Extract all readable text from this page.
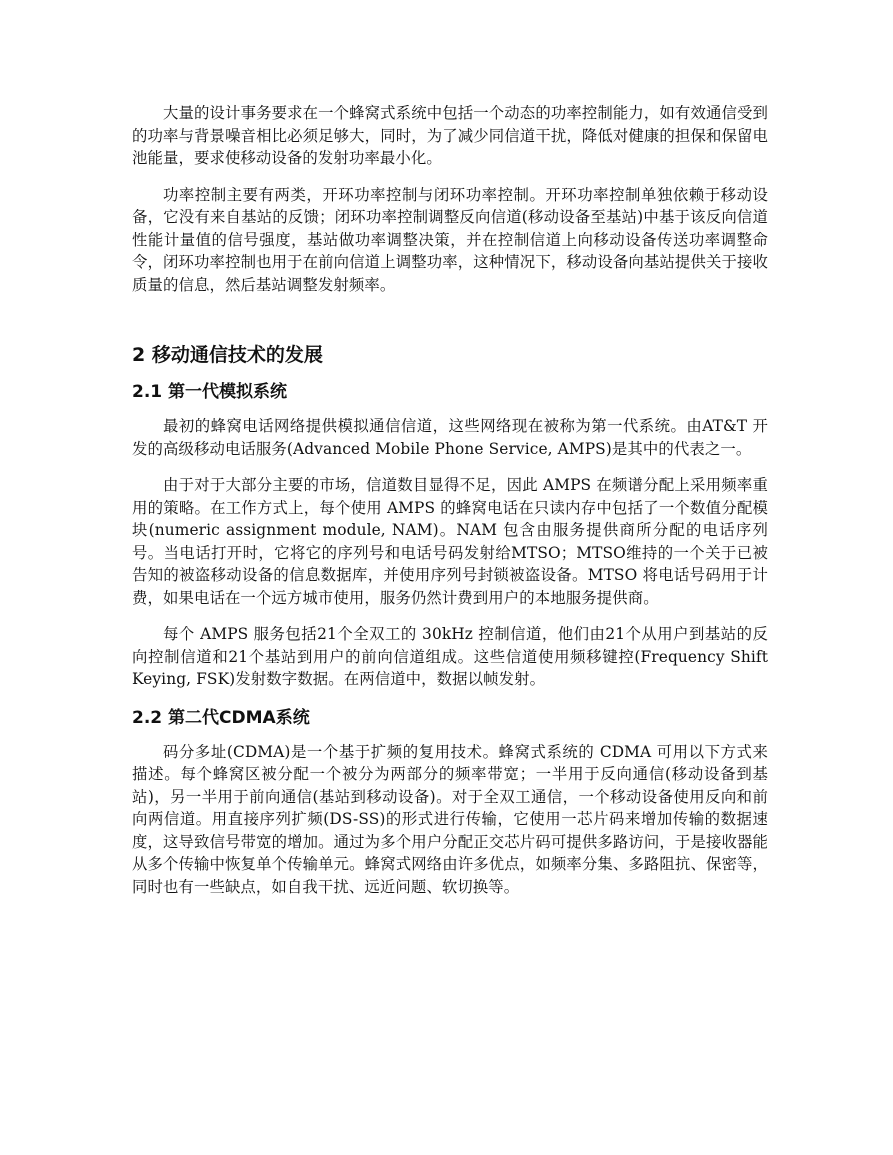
大量的设计事务要求在一个蜂窝式系统中包括一个动态的功率控制能力，如有效通信受到的功率与背景噪音相比必须足够大，同时，为了减少同信道干扰，降低对健康的担保和保留电池能量，要求使移动设备的发射功率最小化。

功率控制主要有两类，开环功率控制与闭环功率控制。开环功率控制单独依赖于移动设备，它没有来自基站的反馈；闭环功率控制调整反向信道(移动设备至基站)中基于该反向信道性能计量值的信号强度，基站做功率调整决策，并在控制信道上向移动设备传送功率调整命令，闭环功率控制也用于在前向信道上调整功率，这种情况下，移动设备向基站提供关于接收质量的信息，然后基站调整发射频率。

2 移动通信技术的发展
2.1 第一代模拟系统

最初的蜂窝电话网络提供模拟通信信道，这些网络现在被称为第一代系统。由AT&T 开发的高级移动电话服务(Advanced Mobile Phone Service, AMPS)是其中的代表之一。

由于对于大部分主要的市场，信道数目显得不足，因此 AMPS 在频谱分配上采用频率重用的策略。在工作方式上，每个使用 AMPS 的蜂窝电话在只读内存中包括了一个数值分配模块(numeric assignment module, NAM)。NAM 包含由服务提供商所分配的电话序列号。当电话打开时，它将它的序列号和电话号码发射给MTSO；MTSO维持的一个关于已被告知的被盗移动设备的信息数据库，并使用序列号封锁被盗设备。MTSO 将电话号码用于计费，如果电话在一个远方城市使用，服务仍然计费到用户的本地服务提供商。

每个 AMPS 服务包括21个全双工的 30kHz 控制信道，他们由21个从用户到基站的反向控制信道和21个基站到用户的前向信道组成。这些信道使用频移键控(Frequency Shift Keying, FSK)发射数字数据。在两信道中，数据以帧发射。

2.2 第二代CDMA系统

码分多址(CDMA)是一个基于扩频的复用技术。蜂窝式系统的 CDMA 可用以下方式来描述。每个蜂窝区被分配一个被分为两部分的频率带宽；一半用于反向通信(移动设备到基站)，另一半用于前向通信(基站到移动设备)。对于全双工通信，一个移动设备使用反向和前向两信道。用直接序列扩频(DS-SS)的形式进行传输，它使用一芯片码来增加传输的数据速度，这导致信号带宽的增加。通过为多个用户分配正交芯片码可提供多路访问，于是接收器能从多个传输中恢复单个传输单元。蜂窝式网络由许多优点，如频率分集、多路阻抗、保密等，同时也有一些缺点，如自我干扰、远近问题、软切换等。
